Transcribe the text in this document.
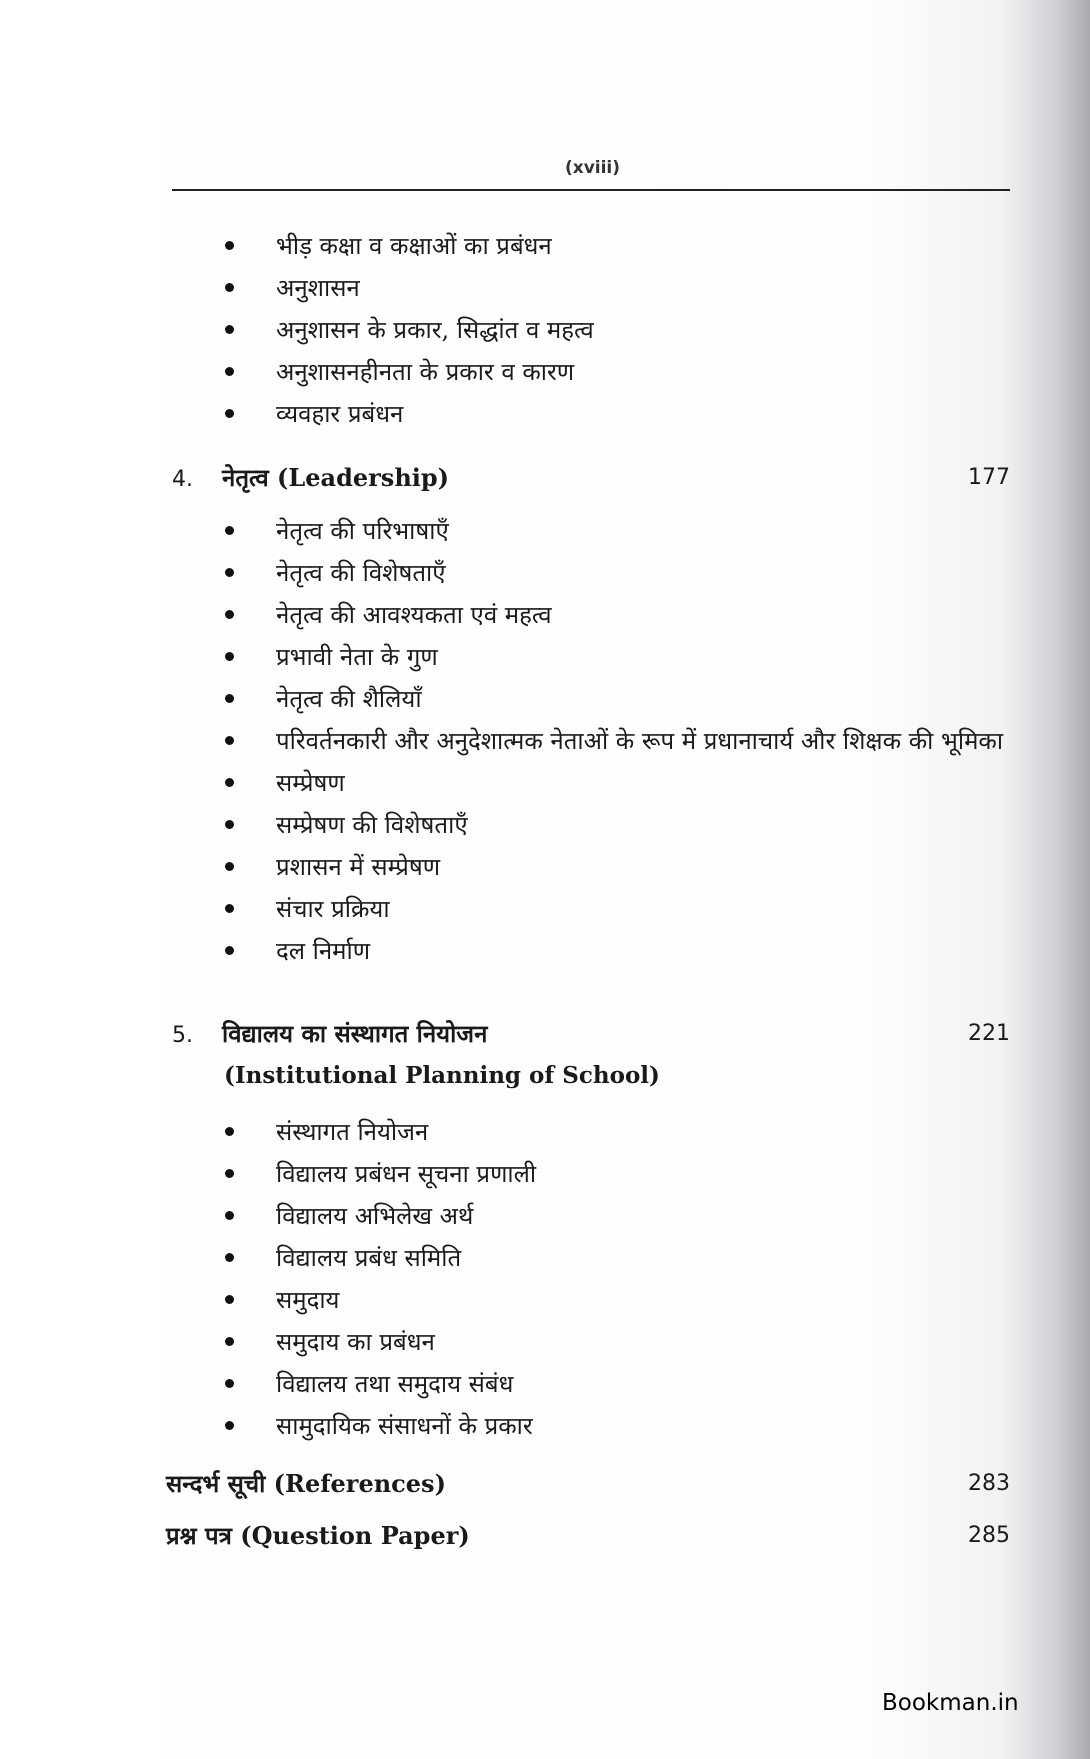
(xviii)
भीड़ कक्षा व कक्षाओं का प्रबंधन
अनुशासन
अनुशासन के प्रकार, सिद्धांत व महत्व
अनुशासनहीनता के प्रकार व कारण
व्यवहार प्रबंधन
4. नेतृत्व (Leadership)	177
नेतृत्व की परिभाषाएँ
नेतृत्व की विशेषताएँ
नेतृत्व की आवश्यकता एवं महत्व
प्रभावी नेता के गुण
नेतृत्व की शैलियाँ
परिवर्तनकारी और अनुदेशात्मक नेताओं के रूप में प्रधानाचार्य और शिक्षक की भूमिका
सम्प्रेषण
सम्प्रेषण की विशेषताएँ
प्रशासन में सम्प्रेषण
संचार प्रक्रिया
दल निर्माण
5. विद्यालय का संस्थागत नियोजन	221
(Institutional Planning of School)
संस्थागत नियोजन
विद्यालय प्रबंधन सूचना प्रणाली
विद्यालय अभिलेख अर्थ
विद्यालय प्रबंध समिति
समुदाय
समुदाय का प्रबंधन
विद्यालय तथा समुदाय संबंध
सामुदायिक संसाधनों के प्रकार
सन्दर्भ सूची (References)	283
प्रश्न पत्र (Question Paper)	285
Bookman.in
